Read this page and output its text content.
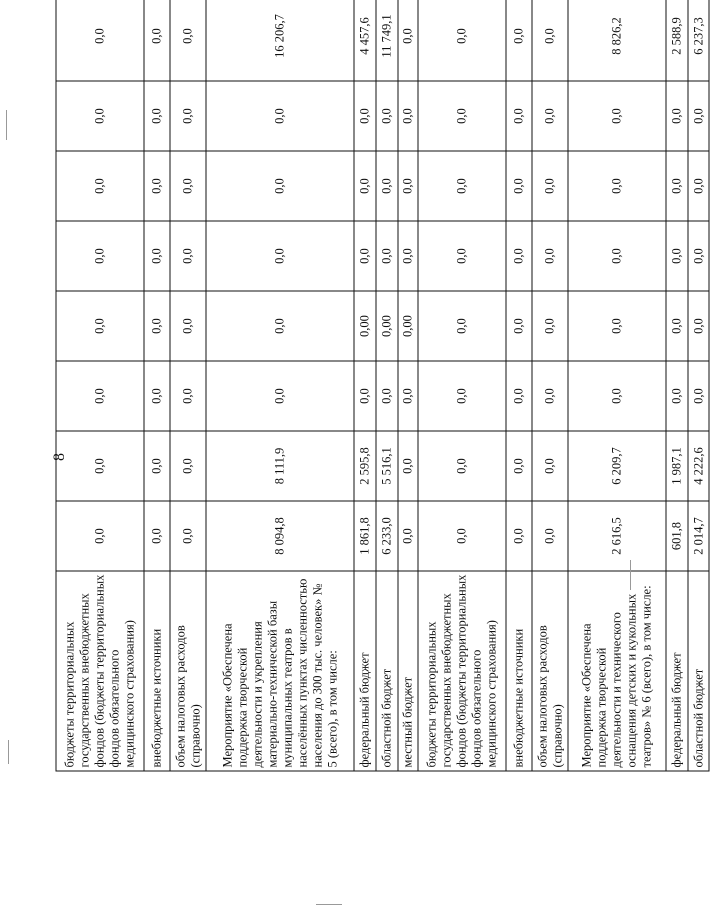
8
бюджеты территориальных государственных внебюджетных фондов (бюджеты территориальных фондов обязательного медицинского страхования)	0,0	0,0	0,0	0,0	0,0	0,0	0,0	0,0
внебюджетные источники	0,0	0,0	0,0	0,0	0,0	0,0	0,0	0,0
объем налоговых расходов (справочно)	0,0	0,0	0,0	0,0	0,0	0,0	0,0	0,0
Мероприятие «Обеспечена поддержка творческой деятельности и укрепления материально-технической базы муниципальных театров в населённых пунктах численностью населения до 300 тыс. человек» № 5 (всего), в том числе:	8 094,8	8 111,9	0,0	0,0	0,0	0,0	0,0	16 206,7
федеральный бюджет	1 861,8	2 595,8	0,0	0,00	0,0	0,0	0,0	4 457,6
областной бюджет	6 233,0	5 516,1	0,0	0,00	0,0	0,0	0,0	11 749,1
местный бюджет	0,0	0,0	0,0	0,00	0,0	0,0	0,0	0,0
бюджеты территориальных государственных внебюджетных фондов (бюджеты территориальных фондов обязательного медицинского страхования)	0,0	0,0	0,0	0,0	0,0	0,0	0,0	0,0
внебюджетные источники	0,0	0,0	0,0	0,0	0,0	0,0	0,0	0,0
объем налоговых расходов (справочно)	0,0	0,0	0,0	0,0	0,0	0,0	0,0	0,0
Мероприятие «Обеспечена поддержка творческой деятельности и технического оснащения детских и кукольных театров» № 6 (всего), в том числе:	2 616,5	6 209,7	0,0	0,0	0,0	0,0	0,0	8 826,2
федеральный бюджет	601,8	1 987,1	0,0	0,0	0,0	0,0	0,0	2 588,9
областной бюджет	2 014,7	4 222,6	0,0	0,0	0,0	0,0	0,0	6 237,3
